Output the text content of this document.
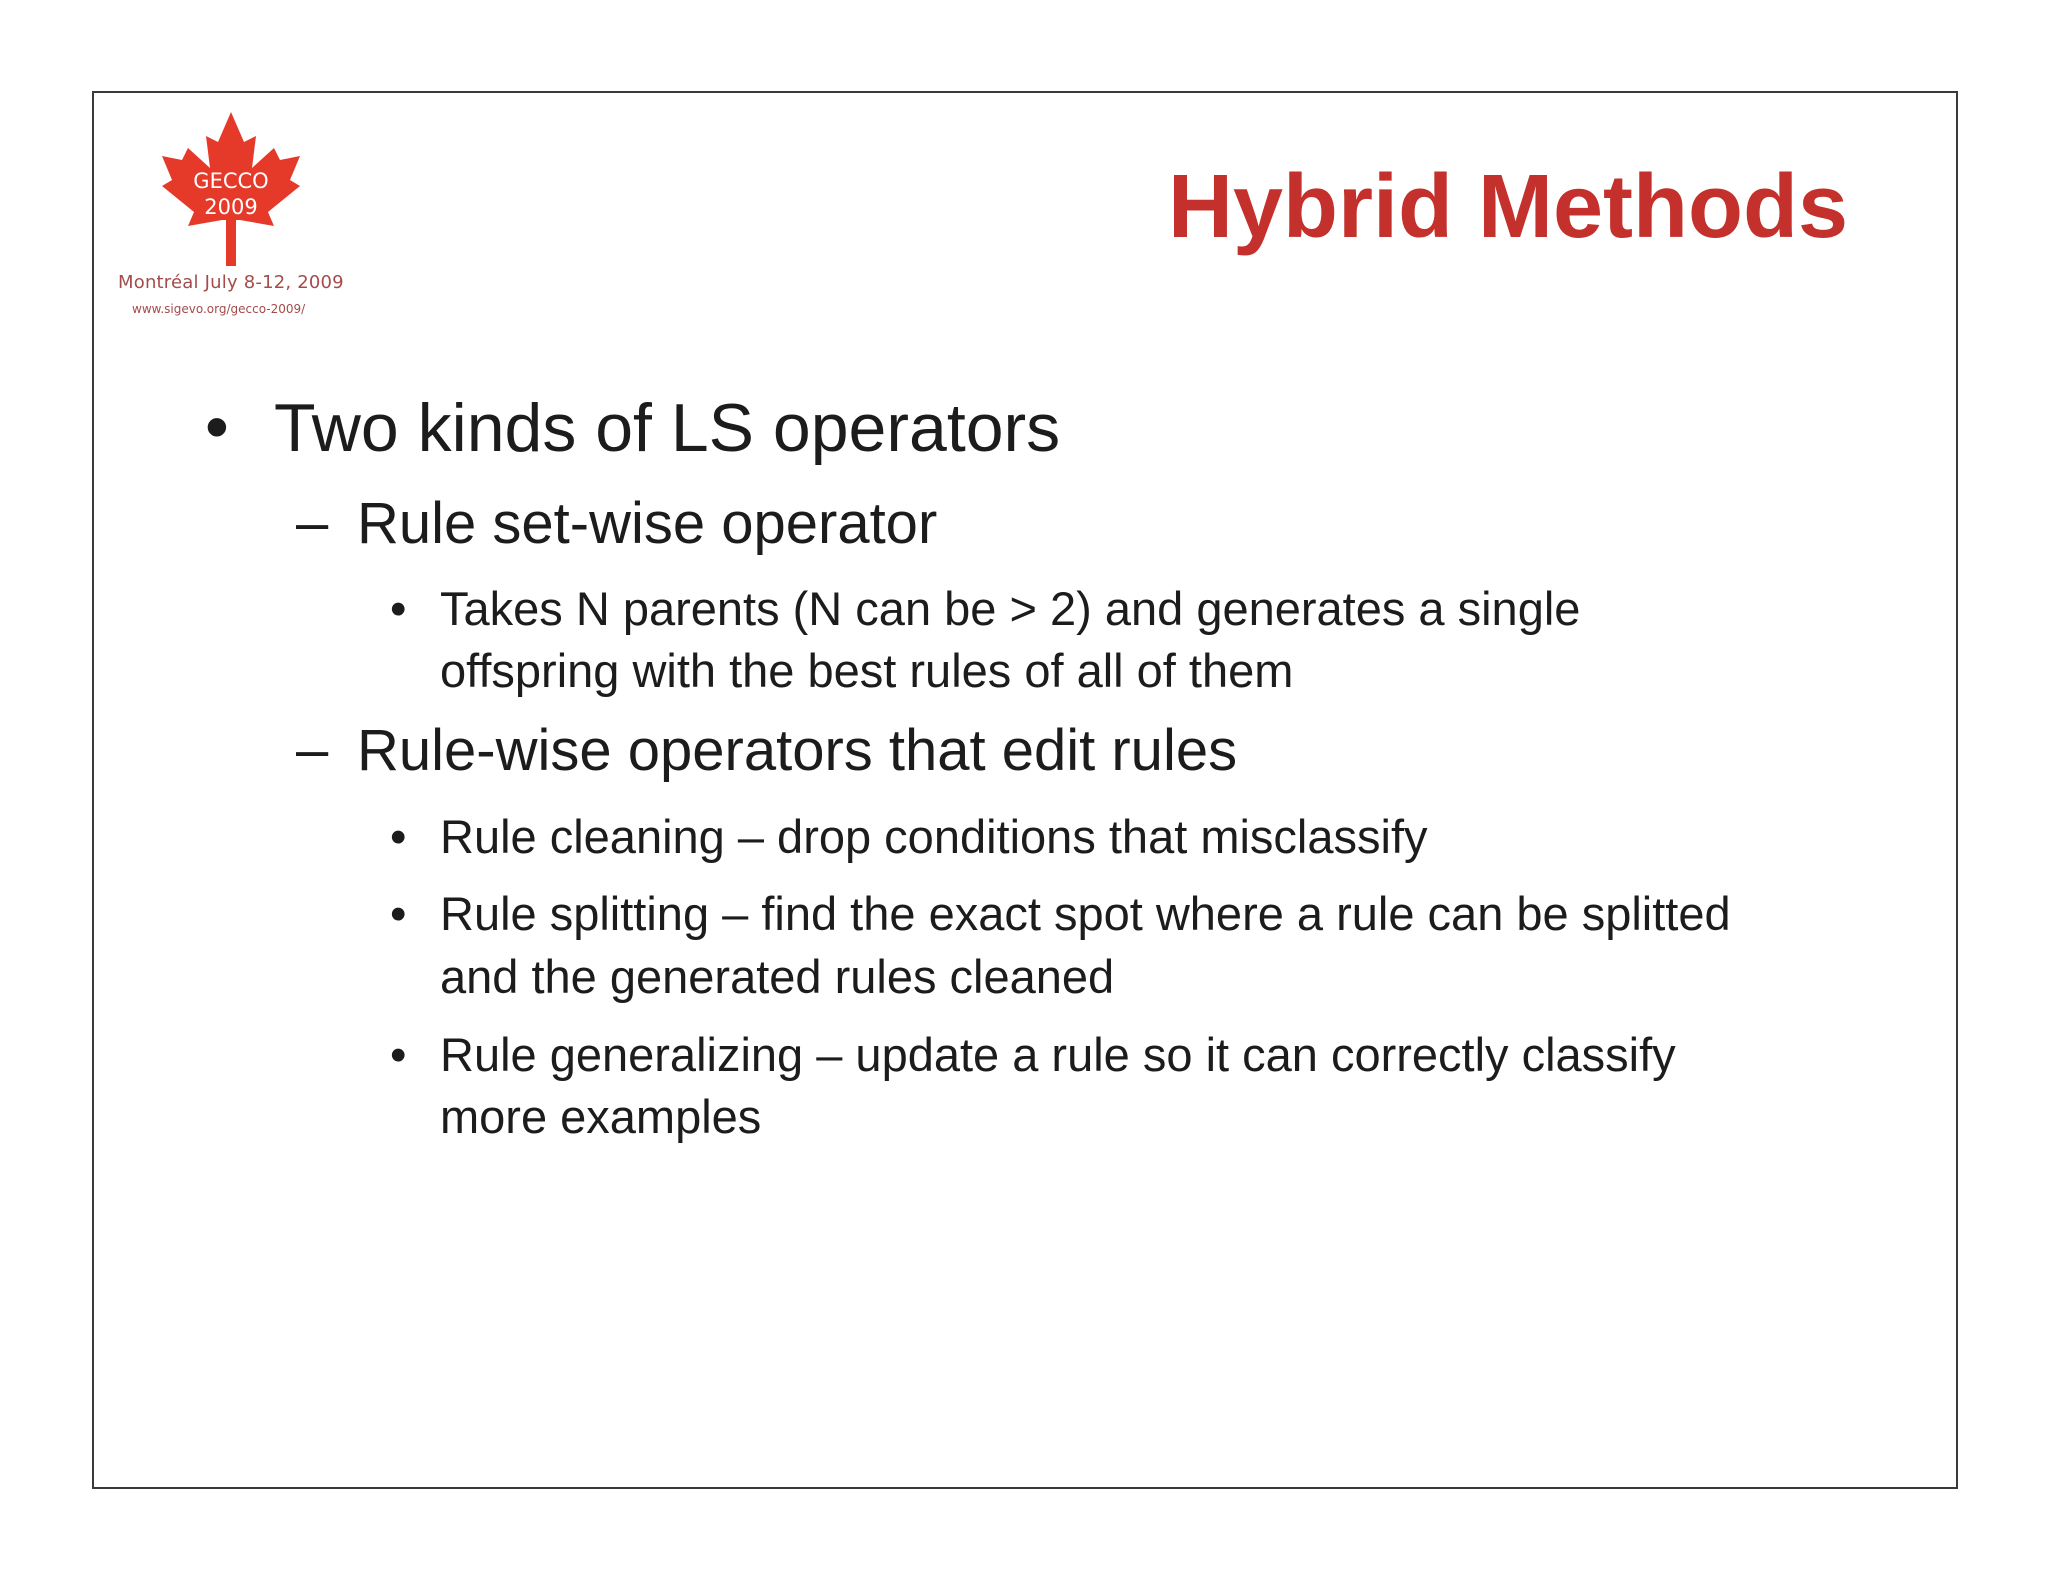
GECCO
2009
Montréal July 8-12, 2009
www.sigevo.org/gecco-2009/
Hybrid Methods
• Two kinds of LS operators
– Rule set-wise operator
• Takes N parents (N can be > 2) and generates a single
offspring with the best rules of all of them
– Rule-wise operators that edit rules
• Rule cleaning – drop conditions that misclassify
• Rule splitting – find the exact spot where a rule can be splitted
and the generated rules cleaned
• Rule generalizing – update a rule so it can correctly classify
more examples
